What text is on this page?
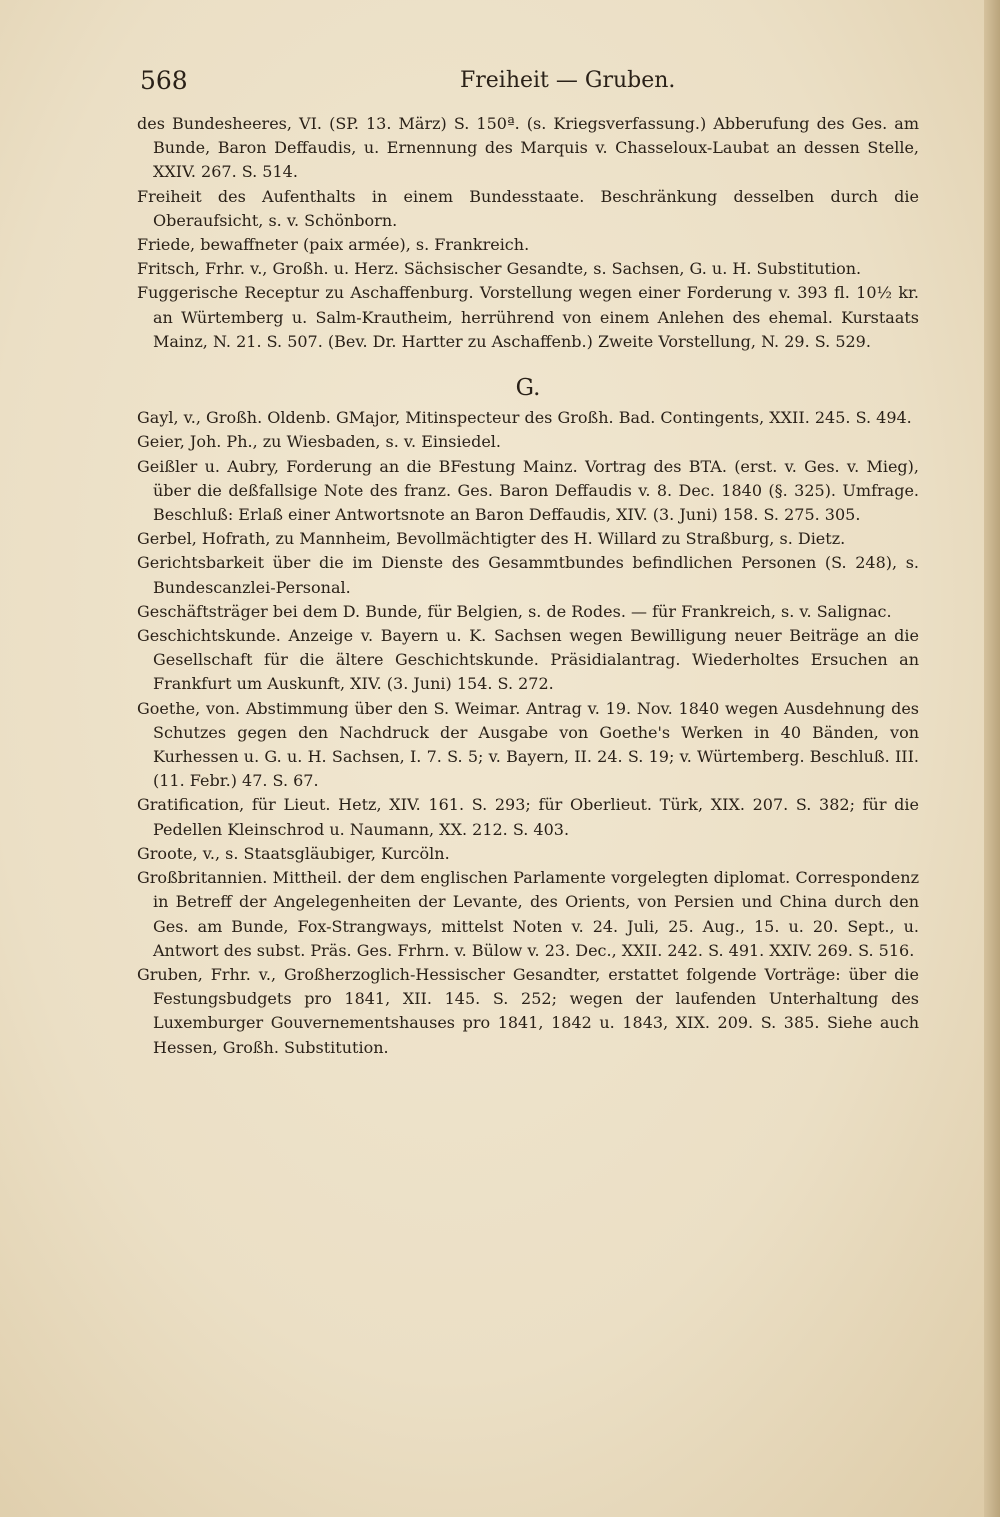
568	Freiheit — Gruben.

des Bundesheeres, VI. (SP. 13. März) S. 150ª. (s. Kriegsverfassung.) Abberufung des Ges. am Bunde, Baron Deffaudis, u. Ernennung des Marquis v. Chasseloux-Laubat an dessen Stelle, XXIV. 267. S. 514.

Freiheit des Aufenthalts in einem Bundesstaate. Beschränkung desselben durch die Oberaufsicht, s. v. Schönborn.

Friede, bewaffneter (paix armée), s. Frankreich.

Fritsch, Frhr. v., Großh. u. Herz. Sächsischer Gesandte, s. Sachsen, G. u. H. Substitution.

Fuggerische Receptur zu Aschaffenburg. Vorstellung wegen einer Forderung v. 393 fl. 10½ kr. an Würtemberg u. Salm-Krautheim, herrührend von einem Anlehen des ehemal. Kurstaats Mainz, N. 21. S. 507. (Bev. Dr. Hartter zu Aschaffenb.) Zweite Vorstellung, N. 29. S. 529.

G.

Gayl, v., Großh. Oldenb. GMajor, Mitinspecteur des Großh. Bad. Contingents, XXII. 245. S. 494.

Geier, Joh. Ph., zu Wiesbaden, s. v. Einsiedel.

Geißler u. Aubry, Forderung an die BFestung Mainz. Vortrag des BTA. (erst. v. Ges. v. Mieg), über die deßfallsige Note des franz. Ges. Baron Deffaudis v. 8. Dec. 1840 (§. 325). Umfrage. Beschluß: Erlaß einer Antwortsnote an Baron Deffaudis, XIV. (3. Juni) 158. S. 275. 305.

Gerbel, Hofrath, zu Mannheim, Bevollmächtigter des H. Willard zu Straßburg, s. Dietz.

Gerichtsbarkeit über die im Dienste des Gesammtbundes befindlichen Personen (S. 248), s. Bundescanzlei-Personal.

Geschäftsträger bei dem D. Bunde, für Belgien, s. de Rodes. — für Frankreich, s. v. Salignac.

Geschichtskunde. Anzeige v. Bayern u. K. Sachsen wegen Bewilligung neuer Beiträge an die Gesellschaft für die ältere Geschichtskunde. Präsidialantrag. Wiederholtes Ersuchen an Frankfurt um Auskunft, XIV. (3. Juni) 154. S. 272.

Goethe, von. Abstimmung über den S. Weimar. Antrag v. 19. Nov. 1840 wegen Ausdehnung des Schutzes gegen den Nachdruck der Ausgabe von Goethe's Werken in 40 Bänden, von Kurhessen u. G. u. H. Sachsen, I. 7. S. 5; v. Bayern, II. 24. S. 19; v. Würtemberg. Beschluß. III. (11. Febr.) 47. S. 67.

Gratification, für Lieut. Hetz, XIV. 161. S. 293; für Oberlieut. Türk, XIX. 207. S. 382; für die Pedellen Kleinschrod u. Naumann, XX. 212. S. 403.

Groote, v., s. Staatsgläubiger, Kurcöln.

Großbritannien. Mittheil. der dem englischen Parlamente vorgelegten diplomat. Correspondenz in Betreff der Angelegenheiten der Levante, des Orients, von Persien und China durch den Ges. am Bunde, Fox-Strangways, mittelst Noten v. 24. Juli, 25. Aug., 15. u. 20. Sept., u. Antwort des subst. Präs. Ges. Frhrn. v. Bülow v. 23. Dec., XXII. 242. S. 491. XXIV. 269. S. 516.

Gruben, Frhr. v., Großherzoglich-Hessischer Gesandter, erstattet folgende Vorträge: über die Festungsbudgets pro 1841, XII. 145. S. 252; wegen der laufenden Unterhaltung des Luxemburger Gouvernementshauses pro 1841, 1842 u. 1843, XIX. 209. S. 385. Siehe auch Hessen, Großh. Substitution.
